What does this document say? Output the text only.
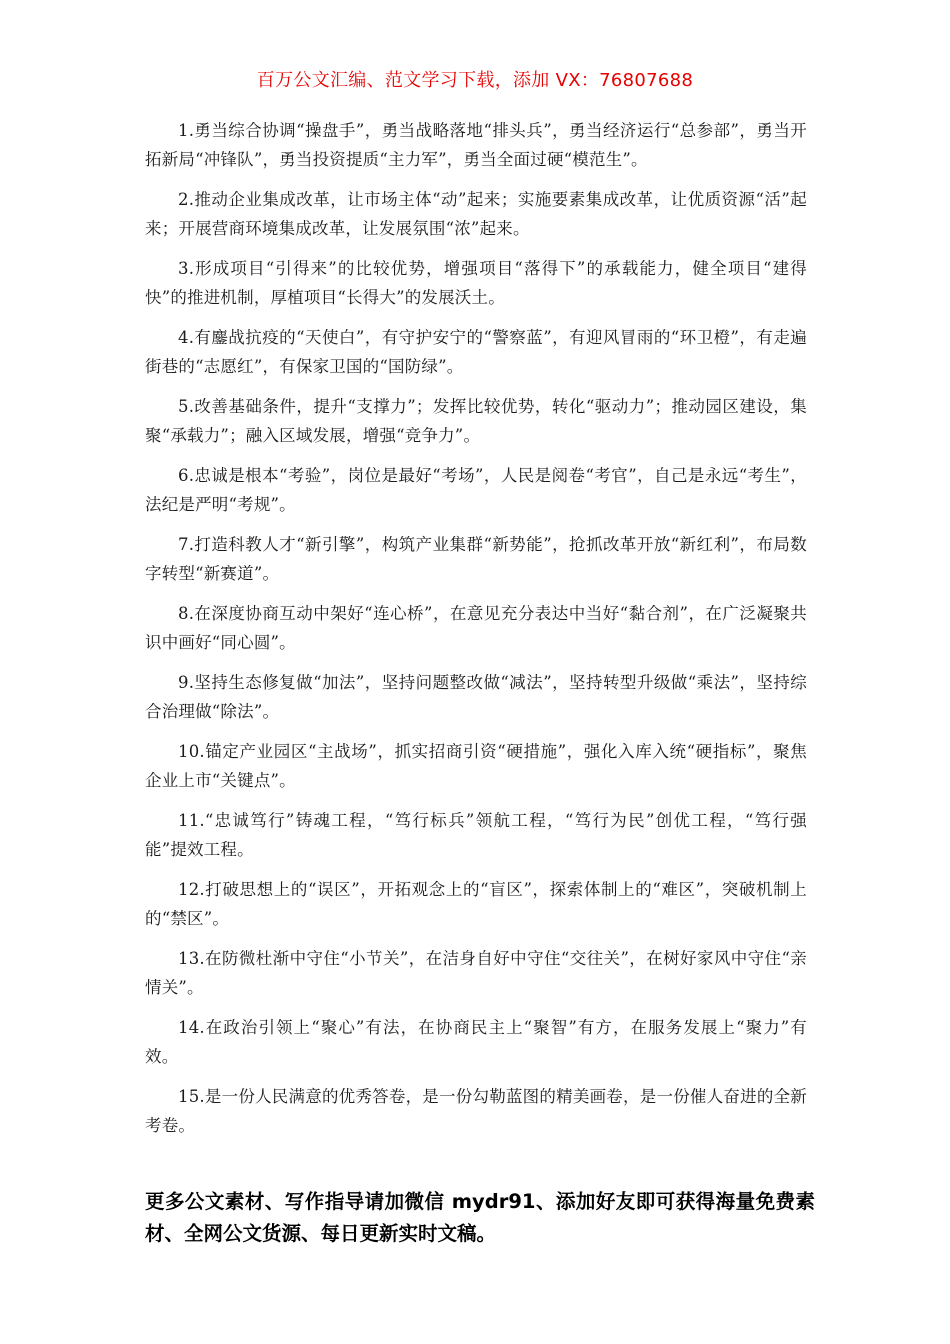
百万公文汇编、范文学习下载，添加 VX：76807688

1.勇当综合协调“操盘手”，勇当战略落地“排头兵”，勇当经济运行“总参部”，勇当开拓新局“冲锋队”，勇当投资提质“主力军”，勇当全面过硬“模范生”。

2.推动企业集成改革，让市场主体“动”起来；实施要素集成改革，让优质资源“活”起来；开展营商环境集成改革，让发展氛围“浓”起来。

3.形成项目“引得来”的比较优势，增强项目“落得下”的承载能力，健全项目“建得快”的推进机制，厚植项目“长得大”的发展沃土。

4.有鏖战抗疫的“天使白”，有守护安宁的“警察蓝”，有迎风冒雨的“环卫橙”，有走遍街巷的“志愿红”，有保家卫国的“国防绿”。

5.改善基础条件，提升“支撑力”；发挥比较优势，转化“驱动力”；推动园区建设，集聚“承载力”；融入区域发展，增强“竞争力”。

6.忠诚是根本“考验”，岗位是最好“考场”，人民是阅卷“考官”，自己是永远“考生”，法纪是严明“考规”。

7.打造科教人才“新引擎”，构筑产业集群“新势能”，抢抓改革开放“新红利”，布局数字转型“新赛道”。

8.在深度协商互动中架好“连心桥”，在意见充分表达中当好“黏合剂”，在广泛凝聚共识中画好“同心圆”。

9.坚持生态修复做“加法”，坚持问题整改做“减法”，坚持转型升级做“乘法”，坚持综合治理做“除法”。

10.锚定产业园区“主战场”，抓实招商引资“硬措施”，强化入库入统“硬指标”，聚焦企业上市“关键点”。

11.“忠诚笃行”铸魂工程，“笃行标兵”领航工程，“笃行为民”创优工程，“笃行强能”提效工程。

12.打破思想上的“误区”，开拓观念上的“盲区”，探索体制上的“难区”，突破机制上的“禁区”。

13.在防微杜渐中守住“小节关”，在洁身自好中守住“交往关”，在树好家风中守住“亲情关”。

14.在政治引领上“聚心”有法，在协商民主上“聚智”有方，在服务发展上“聚力”有效。

15.是一份人民满意的优秀答卷，是一份勾勒蓝图的精美画卷，是一份催人奋进的全新考卷。

更多公文素材、写作指导请加微信 mydr91、添加好友即可获得海量免费素材、全网公文货源、每日更新实时文稿。
